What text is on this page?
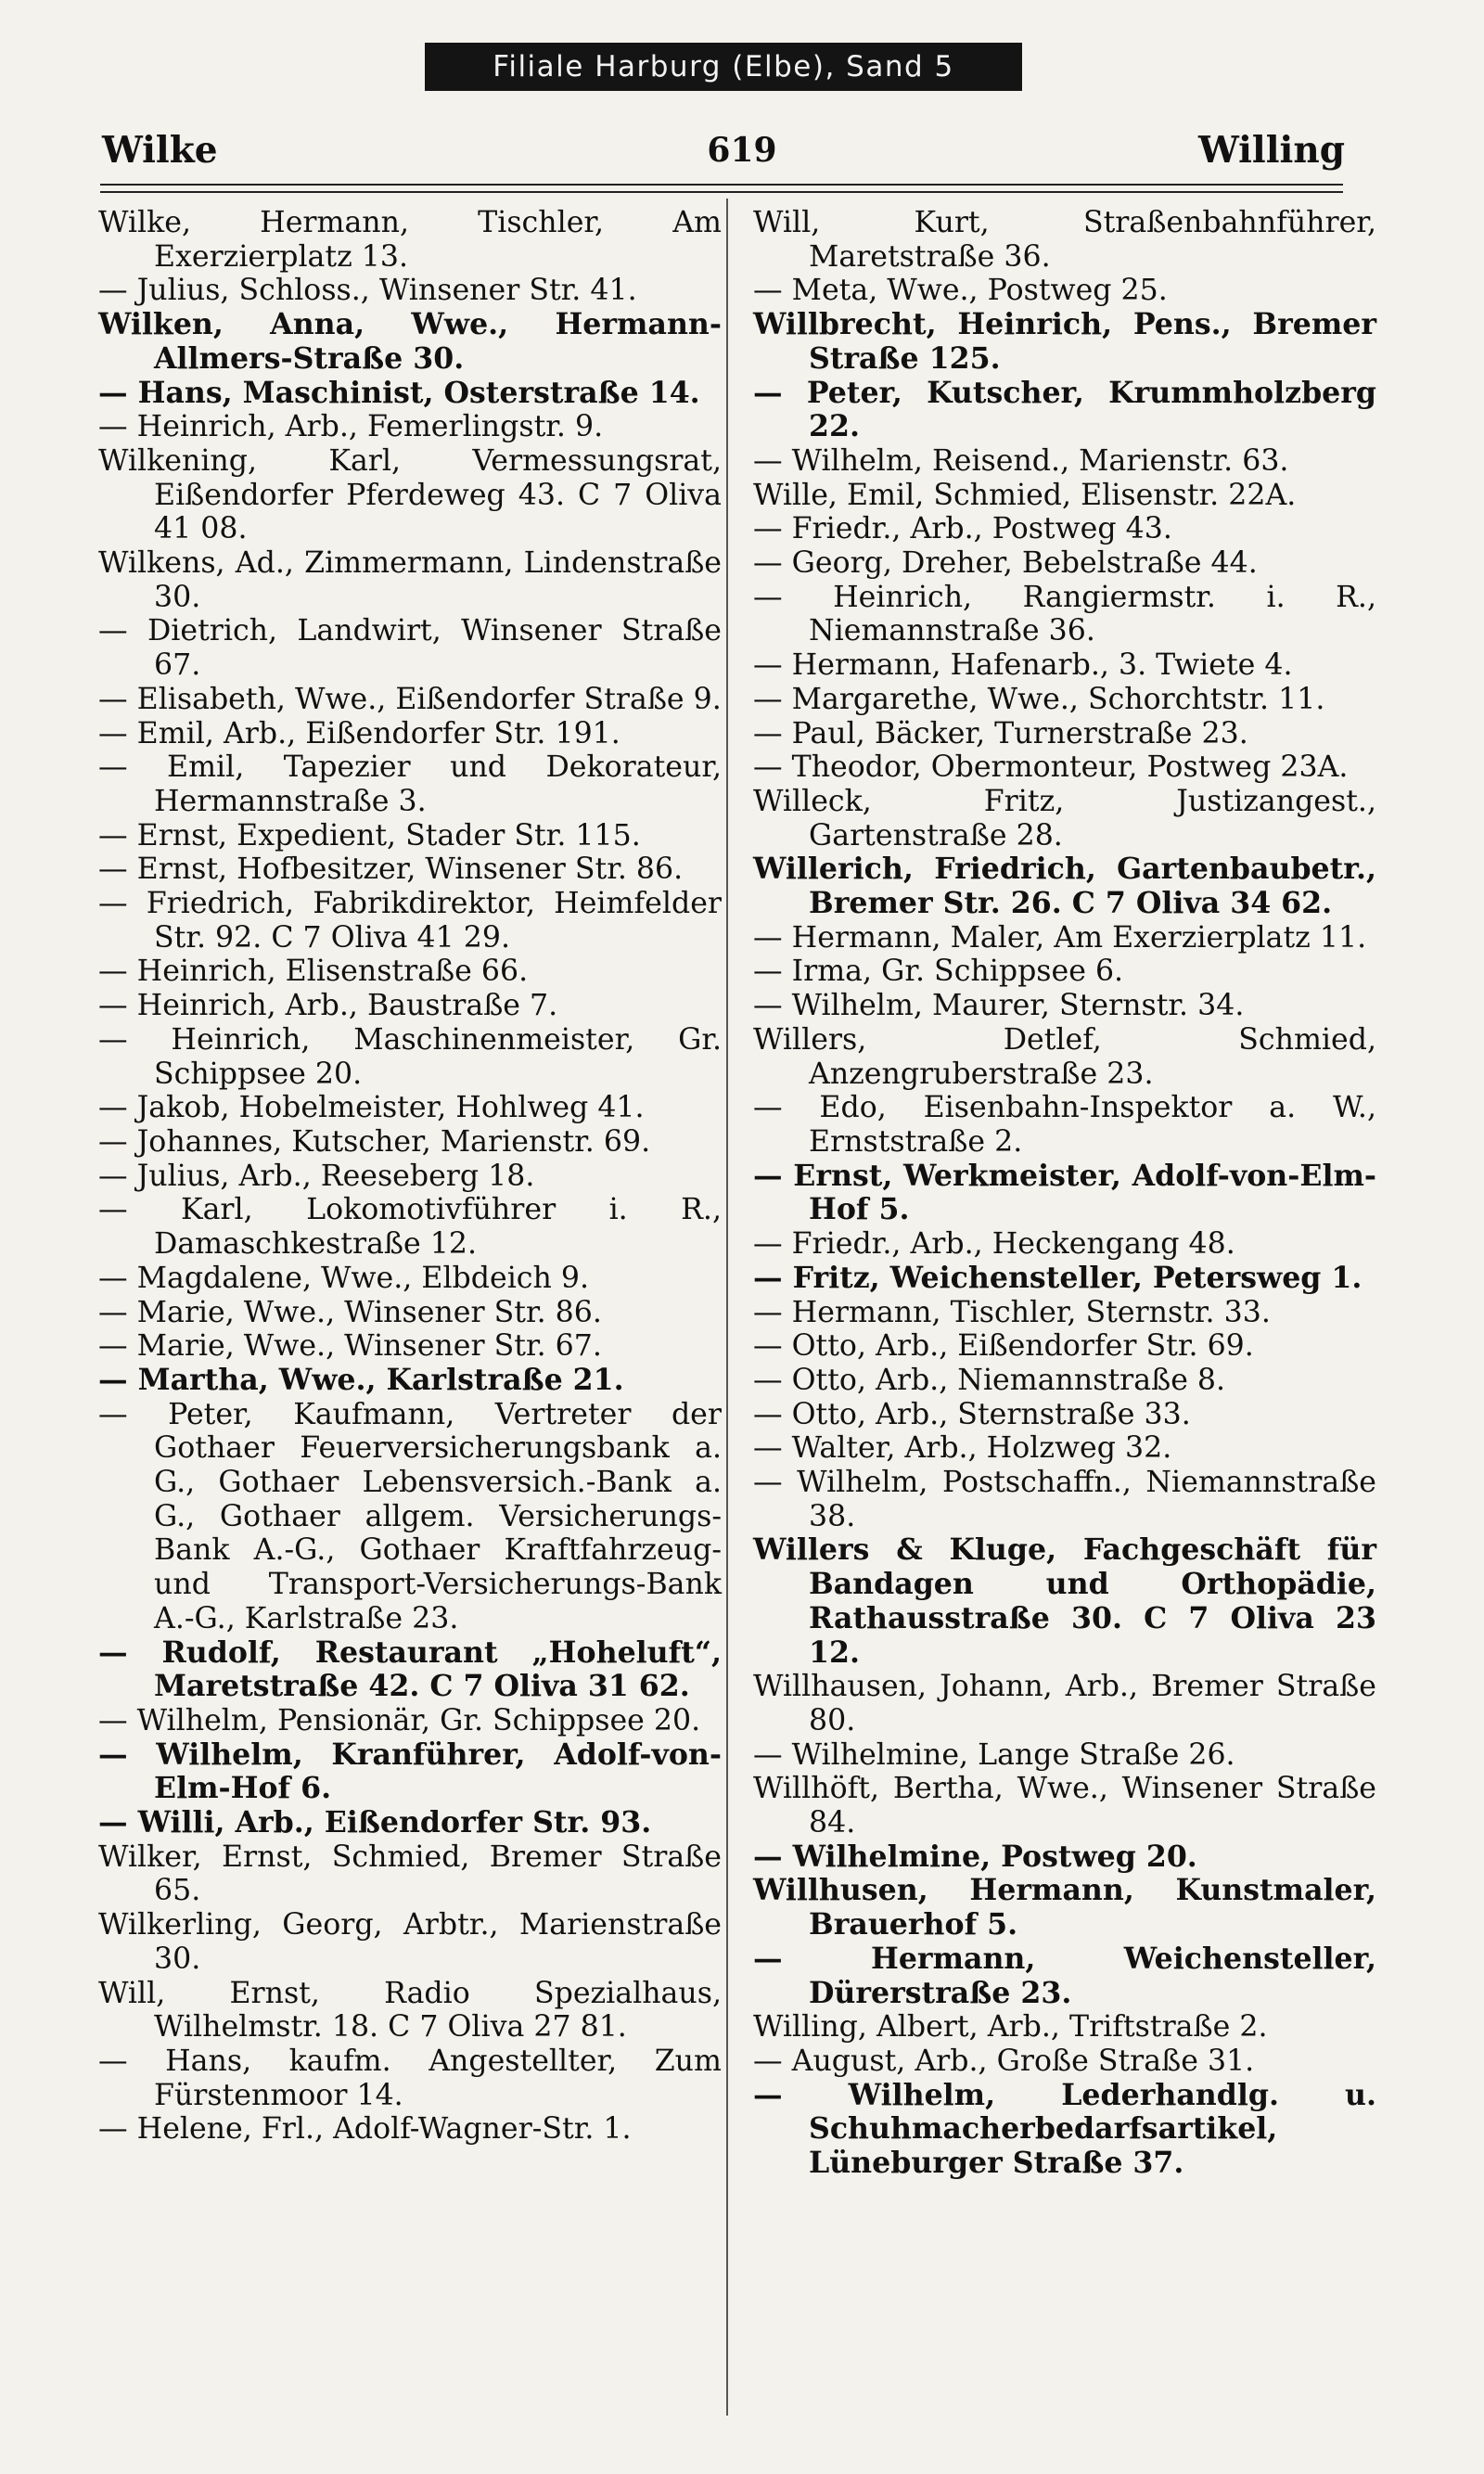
Filiale Harburg (Elbe), Sand 5
Wilke	619	Willing

Wilke, Hermann, Tischler, Am Exerzierplatz 13.

— Julius, Schloss., Winsener Str. 41.

Wilken, Anna, Wwe., Hermann-Allmers-Straße 30.

— Hans, Maschinist, Osterstraße 14.

— Heinrich, Arb., Femerlingstr. 9.

Wilkening, Karl, Vermessungsrat, Eißendorfer Pferdeweg 43. C 7 Oliva 41 08.

Wilkens, Ad., Zimmermann, Lindenstraße 30.

— Dietrich, Landwirt, Winsener Straße 67.

— Elisabeth, Wwe., Eißendorfer Straße 9.

— Emil, Arb., Eißendorfer Str. 191.

— Emil, Tapezier und Dekorateur, Hermannstraße 3.

— Ernst, Expedient, Stader Str. 115.

— Ernst, Hofbesitzer, Winsener Str. 86.

— Friedrich, Fabrikdirektor, Heimfelder Str. 92. C 7 Oliva 41 29.

— Heinrich, Elisenstraße 66.

— Heinrich, Arb., Baustraße 7.

— Heinrich, Maschinenmeister, Gr. Schippsee 20.

— Jakob, Hobelmeister, Hohlweg 41.

— Johannes, Kutscher, Marienstr. 69.

— Julius, Arb., Reeseberg 18.

— Karl, Lokomotivführer i. R., Damaschkestraße 12.

— Magdalene, Wwe., Elbdeich 9.

— Marie, Wwe., Winsener Str. 86.

— Marie, Wwe., Winsener Str. 67.

— Martha, Wwe., Karlstraße 21.

— Peter, Kaufmann, Vertreter der Gothaer Feuerversicherungsbank a. G., Gothaer Lebensversich.-Bank a. G., Gothaer allgem. Versicherungs-Bank A.-G., Gothaer Kraftfahrzeug- und Transport-Versicherungs-Bank A.-G., Karlstraße 23.

— Rudolf, Restaurant „Hoheluft“, Maretstraße 42. C 7 Oliva 31 62.

— Wilhelm, Pensionär, Gr. Schippsee 20.

— Wilhelm, Kranführer, Adolf-von-Elm-Hof 6.

— Willi, Arb., Eißendorfer Str. 93.

Wilker, Ernst, Schmied, Bremer Straße 65.

Wilkerling, Georg, Arbtr., Marienstraße 30.

Will, Ernst, Radio Spezialhaus, Wilhelmstr. 18. C 7 Oliva 27 81.

— Hans, kaufm. Angestellter, Zum Fürstenmoor 14.

— Helene, Frl., Adolf-Wagner-Str. 1.

Will, Kurt, Straßenbahnführer, Maretstraße 36.

— Meta, Wwe., Postweg 25.

Willbrecht, Heinrich, Pens., Bremer Straße 125.

— Peter, Kutscher, Krummholzberg 22.

— Wilhelm, Reisend., Marienstr. 63.

Wille, Emil, Schmied, Elisenstr. 22A.

— Friedr., Arb., Postweg 43.

— Georg, Dreher, Bebelstraße 44.

— Heinrich, Rangiermstr. i. R., Niemannstraße 36.

— Hermann, Hafenarb., 3. Twiete 4.

— Margarethe, Wwe., Schorchtstr. 11.

— Paul, Bäcker, Turnerstraße 23.

— Theodor, Obermonteur, Postweg 23A.

Willeck, Fritz, Justizangest., Gartenstraße 28.

Willerich, Friedrich, Gartenbaubetr., Bremer Str. 26. C 7 Oliva 34 62.

— Hermann, Maler, Am Exerzierplatz 11.

— Irma, Gr. Schippsee 6.

— Wilhelm, Maurer, Sternstr. 34.

Willers, Detlef, Schmied, Anzengruberstraße 23.

— Edo, Eisenbahn-Inspektor a. W., Ernststraße 2.

— Ernst, Werkmeister, Adolf-von-Elm-Hof 5.

— Friedr., Arb., Heckengang 48.

— Fritz, Weichensteller, Petersweg 1.

— Hermann, Tischler, Sternstr. 33.

— Otto, Arb., Eißendorfer Str. 69.

— Otto, Arb., Niemannstraße 8.

— Otto, Arb., Sternstraße 33.

— Walter, Arb., Holzweg 32.

— Wilhelm, Postschaffn., Niemannstraße 38.

Willers & Kluge, Fachgeschäft für Bandagen und Orthopädie, Rathausstraße 30. C 7 Oliva 23 12.

Willhausen, Johann, Arb., Bremer Straße 80.

— Wilhelmine, Lange Straße 26.

Willhöft, Bertha, Wwe., Winsener Straße 84.

— Wilhelmine, Postweg 20.

Willhusen, Hermann, Kunstmaler, Brauerhof 5.

— Hermann, Weichensteller, Dürerstraße 23.

Willing, Albert, Arb., Triftstraße 2.

— August, Arb., Große Straße 31.

— Wilhelm, Lederhandlg. u. Schuhmacherbedarfsartikel, Lüneburger Straße 37.
